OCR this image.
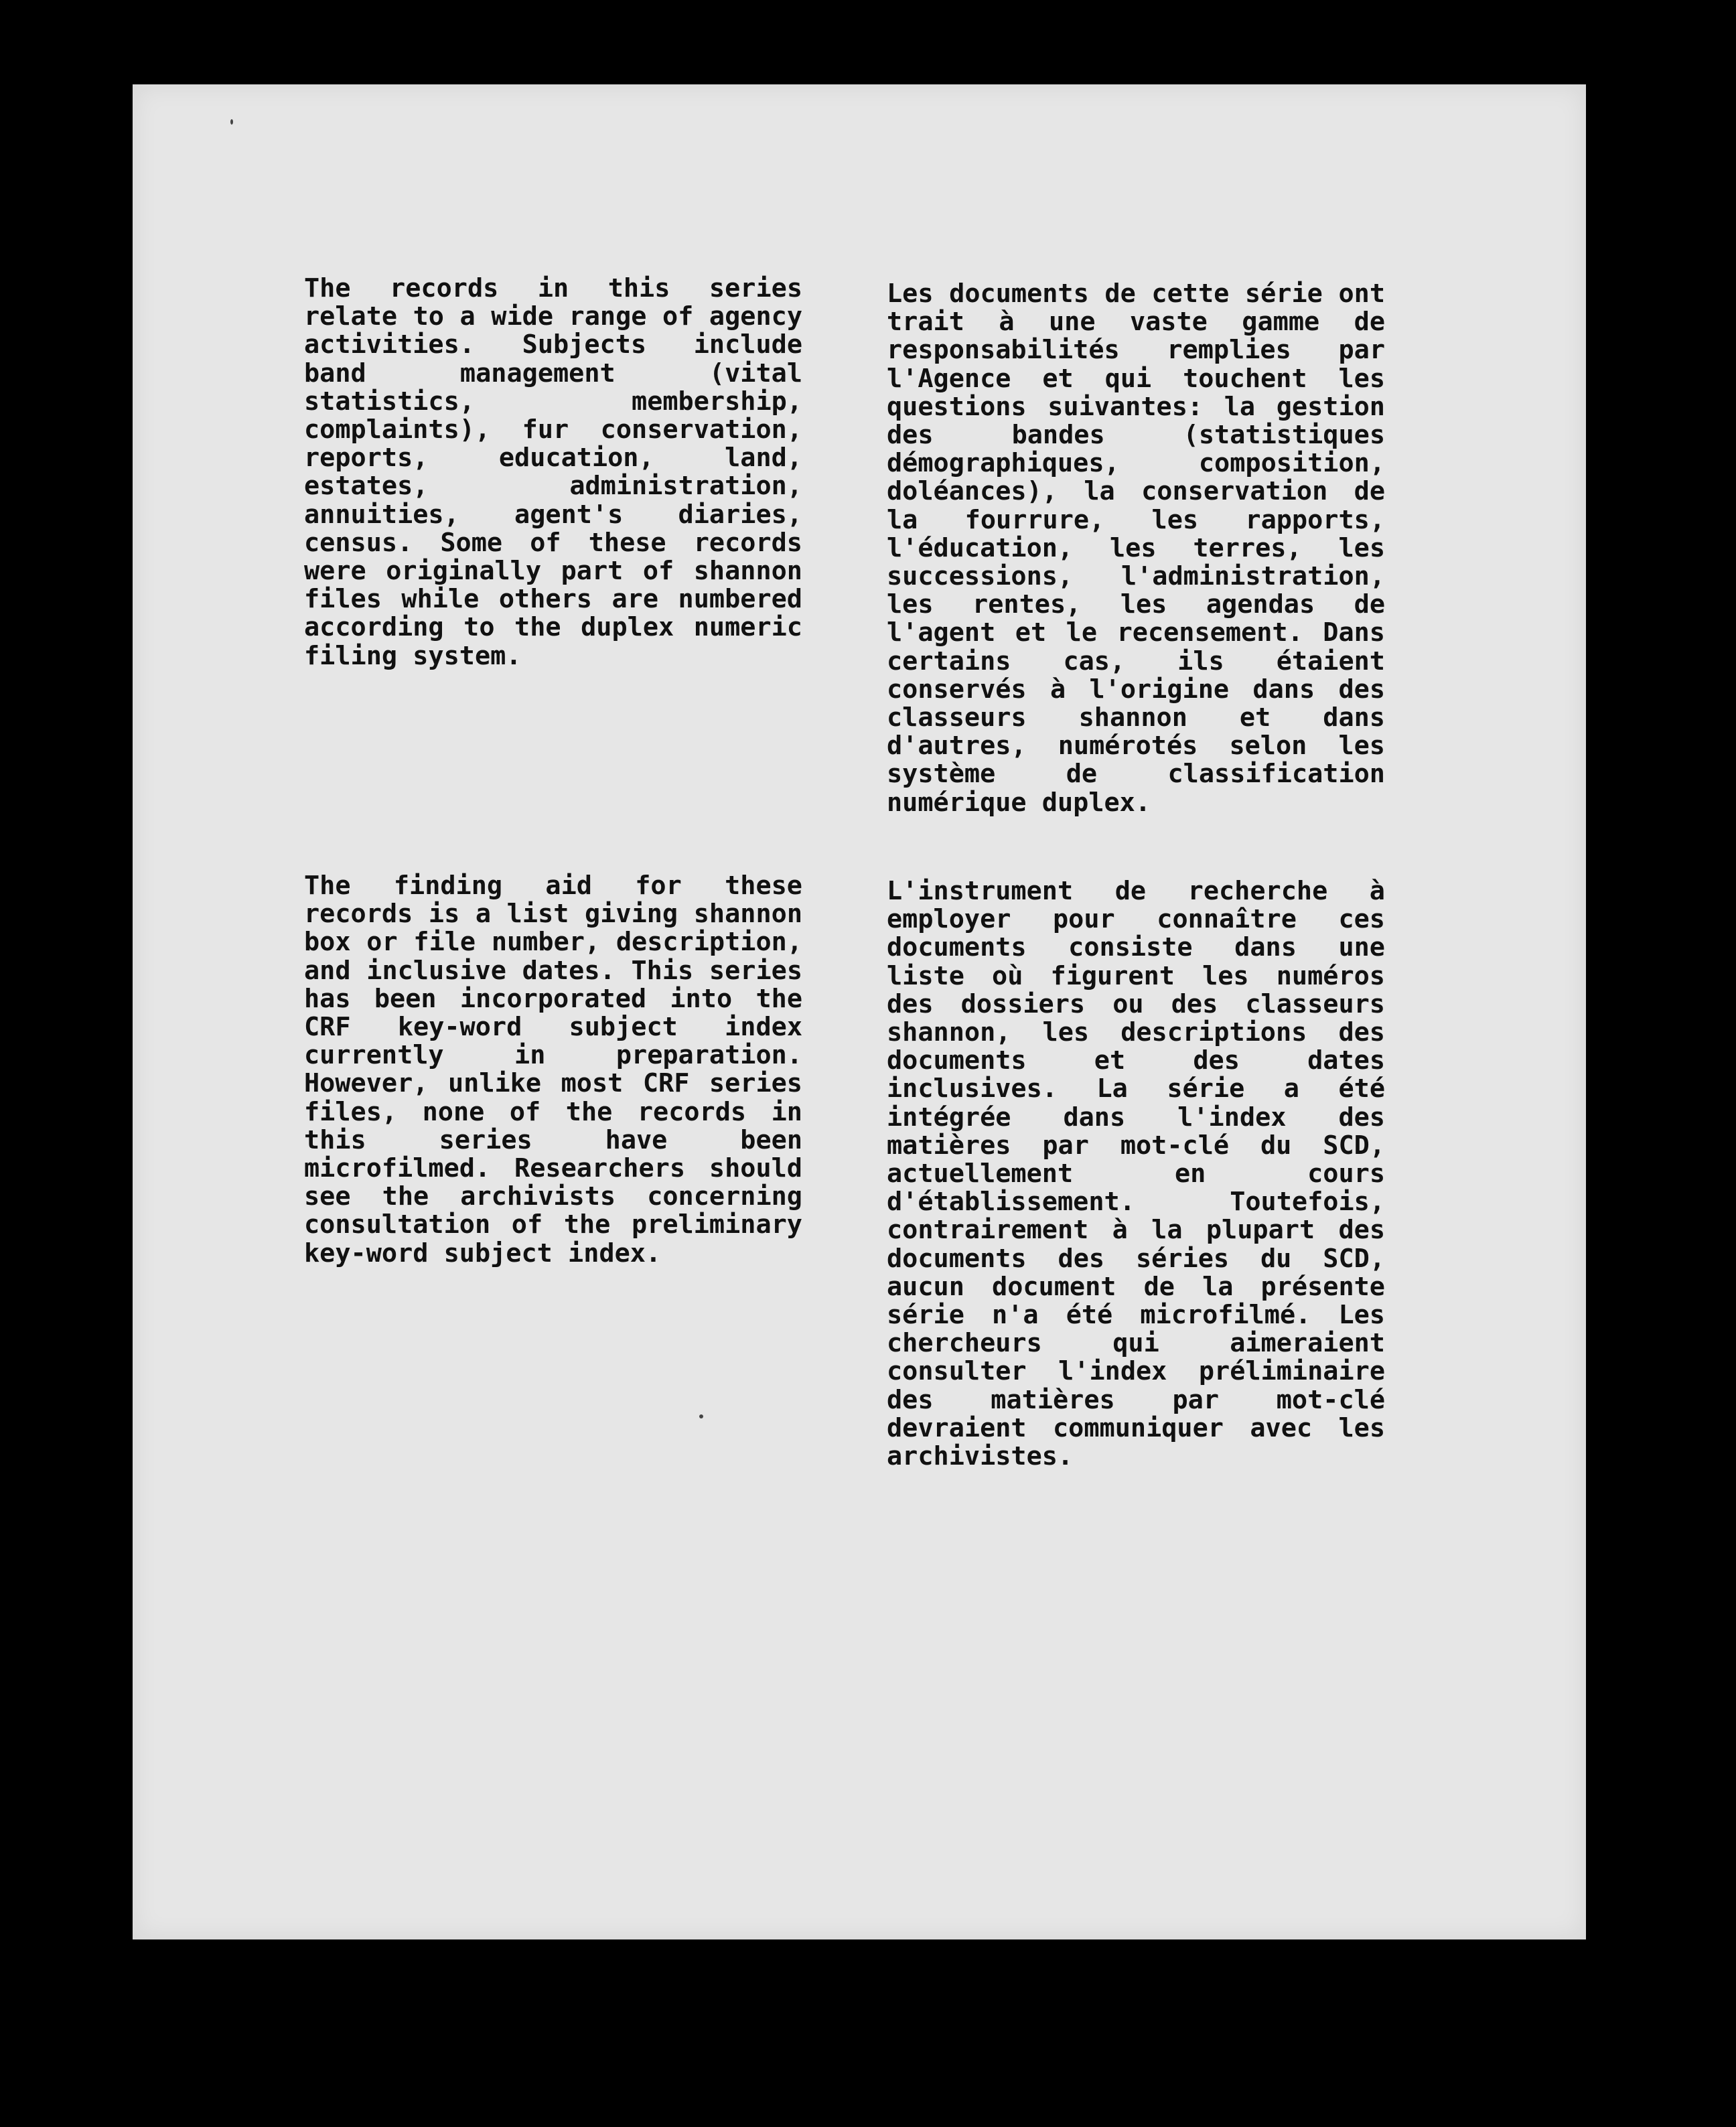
The records in this series relate to a wide range of agency activities. Subjects include band management (vital statistics, membership, complaints), fur conservation, reports, education, land, estates, administration, annuities, agent's diaries, census. Some of these records were originally part of shannon files while others are numbered according to the duplex numeric filing system.

Les documents de cette série ont trait à une vaste gamme de responsabilités remplies par l'Agence et qui touchent les questions suivantes: la gestion des bandes (statistiques démographiques, composition, doléances), la conservation de la fourrure, les rapports, l'éducation, les terres, les successions, l'administration, les rentes, les agendas de l'agent et le recensement. Dans certains cas, ils étaient conservés à l'origine dans des classeurs shannon et dans d'autres, numérotés selon les système de classification numérique duplex.

The finding aid for these records is a list giving shannon box or file number, description, and inclusive dates. This series has been incorporated into the CRF key-word subject index currently in preparation. However, unlike most CRF series files, none of the records in this series have been microfilmed. Researchers should see the archivists concerning consultation of the preliminary key-word subject index.

L'instrument de recherche à employer pour connaître ces documents consiste dans une liste où figurent les numéros des dossiers ou des classeurs shannon, les descriptions des documents et des dates inclusives. La série a été intégrée dans l'index des matières par mot-clé du SCD, actuellement en cours d'établissement. Toutefois, contrairement à la plupart des documents des séries du SCD, aucun document de la présente série n'a été microfilmé. Les chercheurs qui aimeraient consulter l'index préliminaire des matières par mot-clé devraient communiquer avec les archivistes.
